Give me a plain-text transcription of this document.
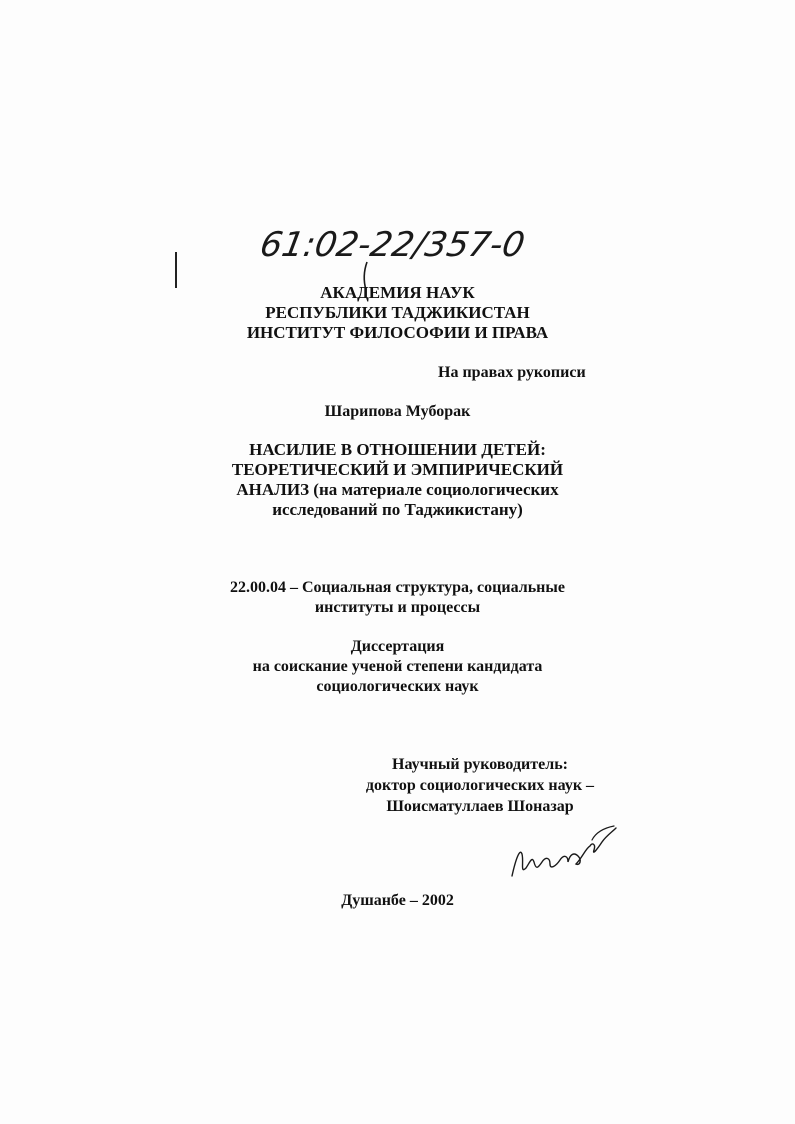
61:02-22/357-0
АКАДЕМИЯ НАУК
РЕСПУБЛИКИ ТАДЖИКИСТАН
ИНСТИТУТ ФИЛОСОФИИ И ПРАВА
На правах рукописи
Шарипова Муборак
НАСИЛИЕ В ОТНОШЕНИИ ДЕТЕЙ:
ТЕОРЕТИЧЕСКИЙ И ЭМПИРИЧЕСКИЙ
АНАЛИЗ (на материале социологических
исследований по Таджикистану)
22.00.04 – Социальная структура, социальные
институты и процессы
Диссертация
на соискание ученой степени кандидата
социологических наук
Научный руководитель:
доктор социологических наук –
Шоисматуллаев Шоназар
Душанбе – 2002
